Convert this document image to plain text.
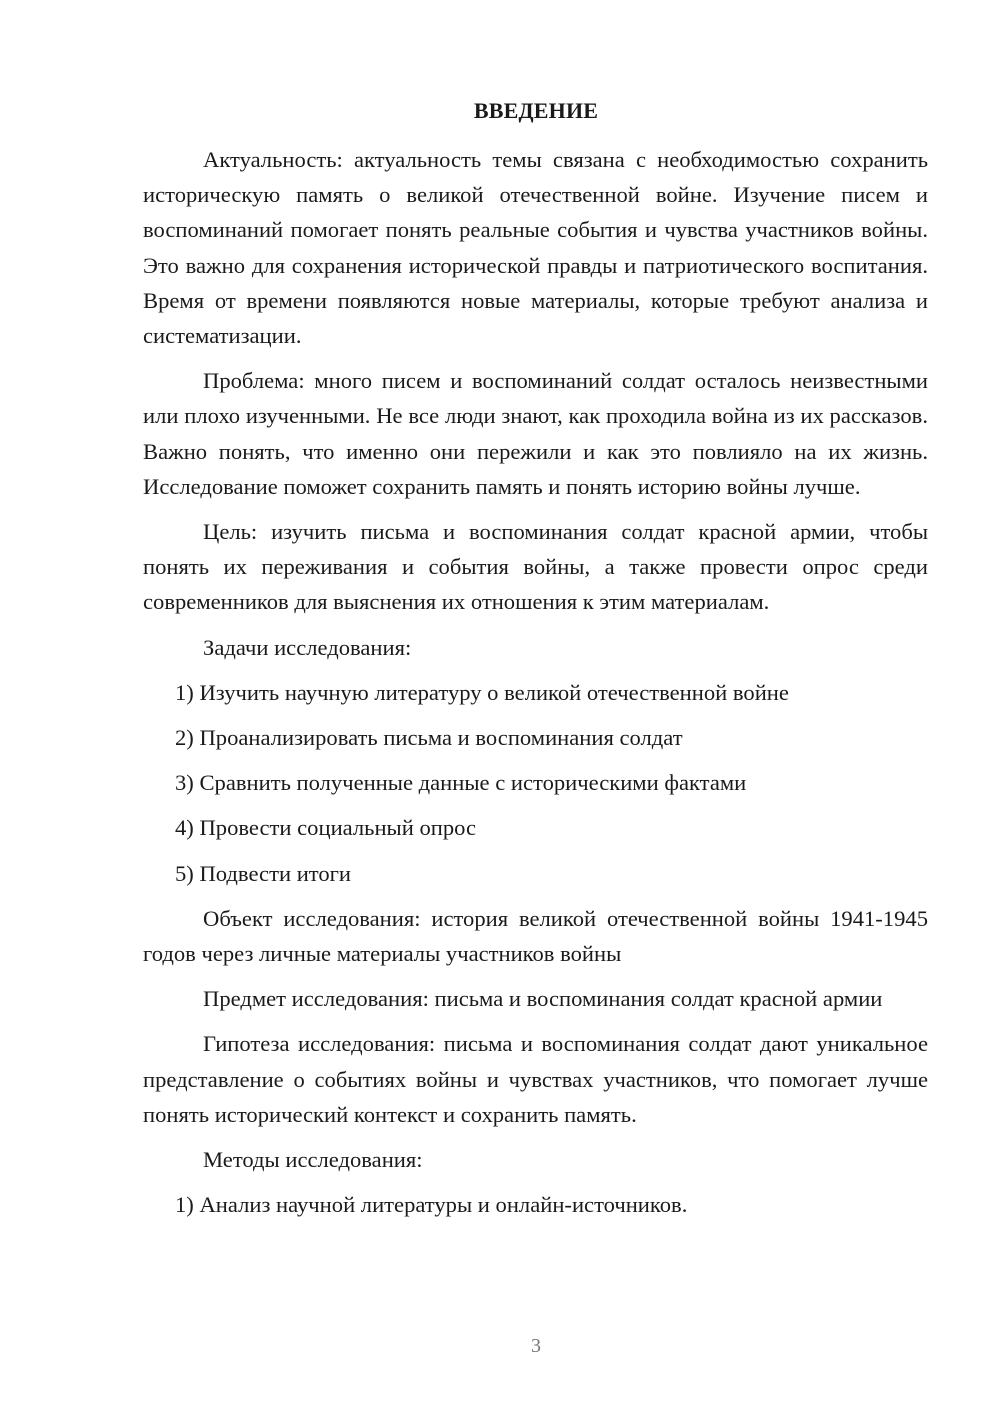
ВВЕДЕНИЕ

Актуальность: актуальность темы связана с необходимостью сохранить историческую память о великой отечественной войне. Изучение писем и воспоминаний помогает понять реальные события и чувства участников войны. Это важно для сохранения исторической правды и патриотического воспитания. Время от времени появляются новые материалы, которые требуют анализа и систематизации.

Проблема: много писем и воспоминаний солдат осталось неизвестными или плохо изученными. Не все люди знают, как проходила война из их рассказов. Важно понять, что именно они пережили и как это повлияло на их жизнь. Исследование поможет сохранить память и понять историю войны лучше.

Цель: изучить письма и воспоминания солдат красной армии, чтобы понять их переживания и события войны, а также провести опрос среди современников для выяснения их отношения к этим материалам.

Задачи исследования:

1) Изучить научную литературу о великой отечественной войне
2) Проанализировать письма и воспоминания солдат
3) Сравнить полученные данные с историческими фактами
4) Провести социальный опрос
5) Подвести итоги

Объект исследования: история великой отечественной войны 1941-1945 годов через личные материалы участников войны

Предмет исследования: письма и воспоминания солдат красной армии

Гипотеза исследования: письма и воспоминания солдат дают уникальное представление о событиях войны и чувствах участников, что помогает лучше понять исторический контекст и сохранить память.

Методы исследования:

1) Анализ научной литературы и онлайн-источников.
3
